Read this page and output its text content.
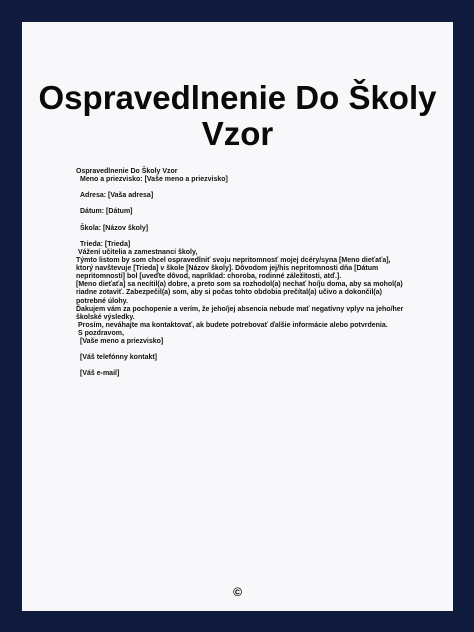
Ospravedlnenie Do Školy Vzor

Ospravedlnenie Do Školy Vzor

Meno a priezvisko: [Vaše meno a priezvisko]

Adresa: [Vaša adresa]

Dátum: [Dátum]

Škola: [Názov školy]

Trieda: [Trieda]

Vážení učitelia a zamestnanci školy,

Týmto listom by som chcel ospravedlniť svoju nepritomnosť mojej dcéry/syna [Meno dieťaťa], ktorý navštevuje [Trieda] v škole [Názov školy]. Dôvodom jej/his nepritomnosti dňa [Dátum nepritomnosti] bol [uveďte dôvod, napríklad: choroba, rodinné záležitosti, atď.].

[Meno dieťaťa] sa necítil(a) dobre, a preto som sa rozhodol(a) nechať ho/ju doma, aby sa mohol(a) riadne zotaviť. Zabezpečil(a) som, aby si počas tohto obdobia prečítal(a) učivo a dokončil(a) potrebné úlohy.

Ďakujem vám za pochopenie a verím, že jeho/jej absencia nebude mať negatívny vplyv na jeho/her školské výsledky.

Prosím, neváhajte ma kontaktovať, ak budete potrebovať ďalšie informácie alebo potvrdenia.

S pozdravom,

[Vaše meno a priezvisko]

[Váš telefónny kontakt]

[Váš e-mail]

©
